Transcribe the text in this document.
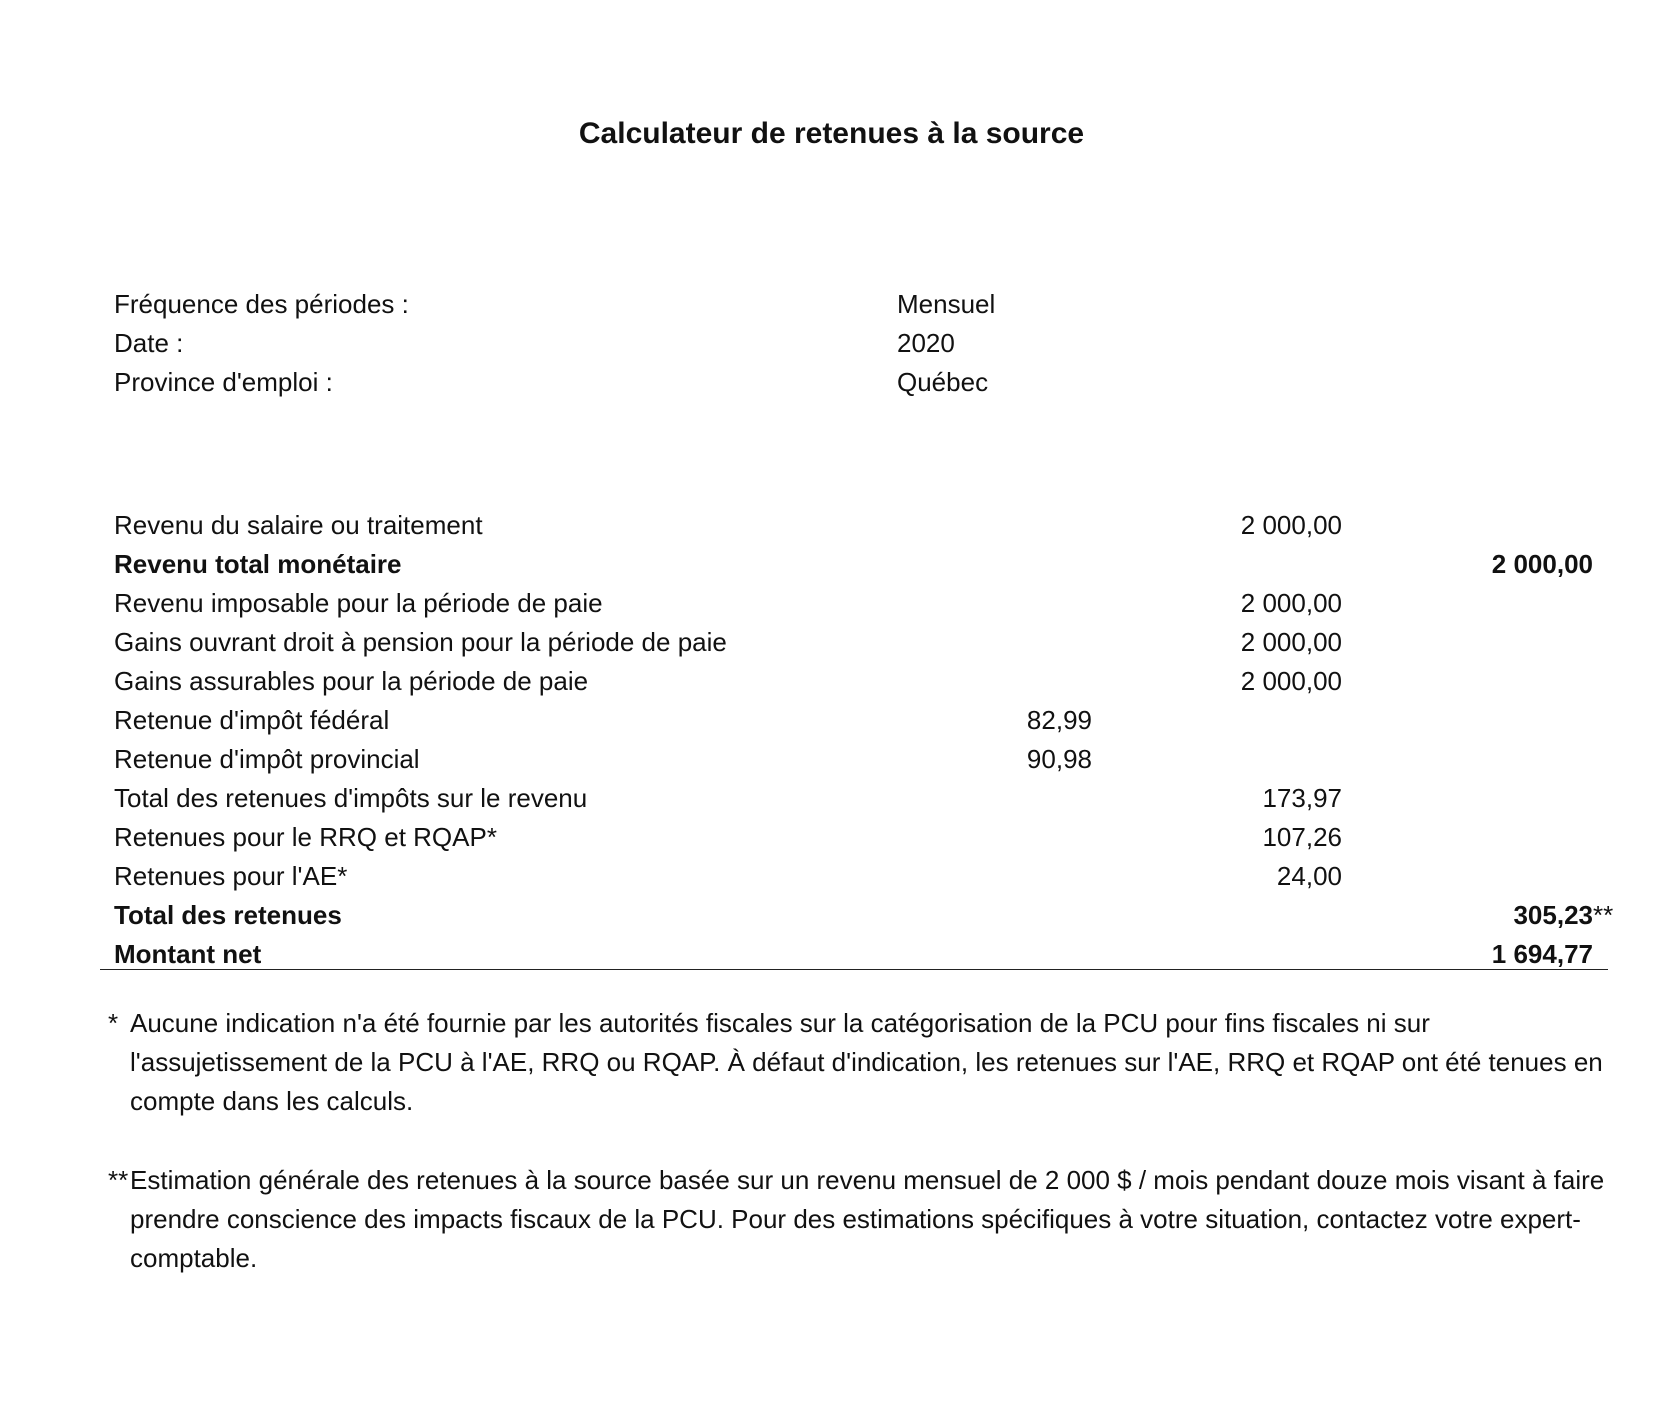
Calculateur de retenues à la source
Fréquence des périodes :	Mensuel
Date :	2020
Province d'emploi :	Québec
Revenu du salaire ou traitement	2 000,00
Revenu total monétaire	2 000,00
Revenu imposable pour la période de paie	2 000,00
Gains ouvrant droit à pension pour la période de paie	2 000,00
Gains assurables pour la période de paie	2 000,00
Retenue d'impôt fédéral	82,99
Retenue d'impôt provincial	90,98
Total des retenues d'impôts sur le revenu	173,97
Retenues pour le RRQ et RQAP*	107,26
Retenues pour l'AE*	24,00
Total des retenues	305,23 **
Montant net	1 694,77
* Aucune indication n'a été fournie par les autorités fiscales sur la catégorisation de la PCU pour fins fiscales ni sur l'assujetissement de la PCU à l'AE, RRQ ou RQAP. À défaut d'indication, les retenues sur l'AE, RRQ et RQAP ont été tenues en compte dans les calculs.
** Estimation générale des retenues à la source basée sur un revenu mensuel de 2 000 $ / mois pendant douze mois visant à faire prendre conscience des impacts fiscaux de la PCU. Pour des estimations spécifiques à votre situation, contactez votre expert-comptable.
